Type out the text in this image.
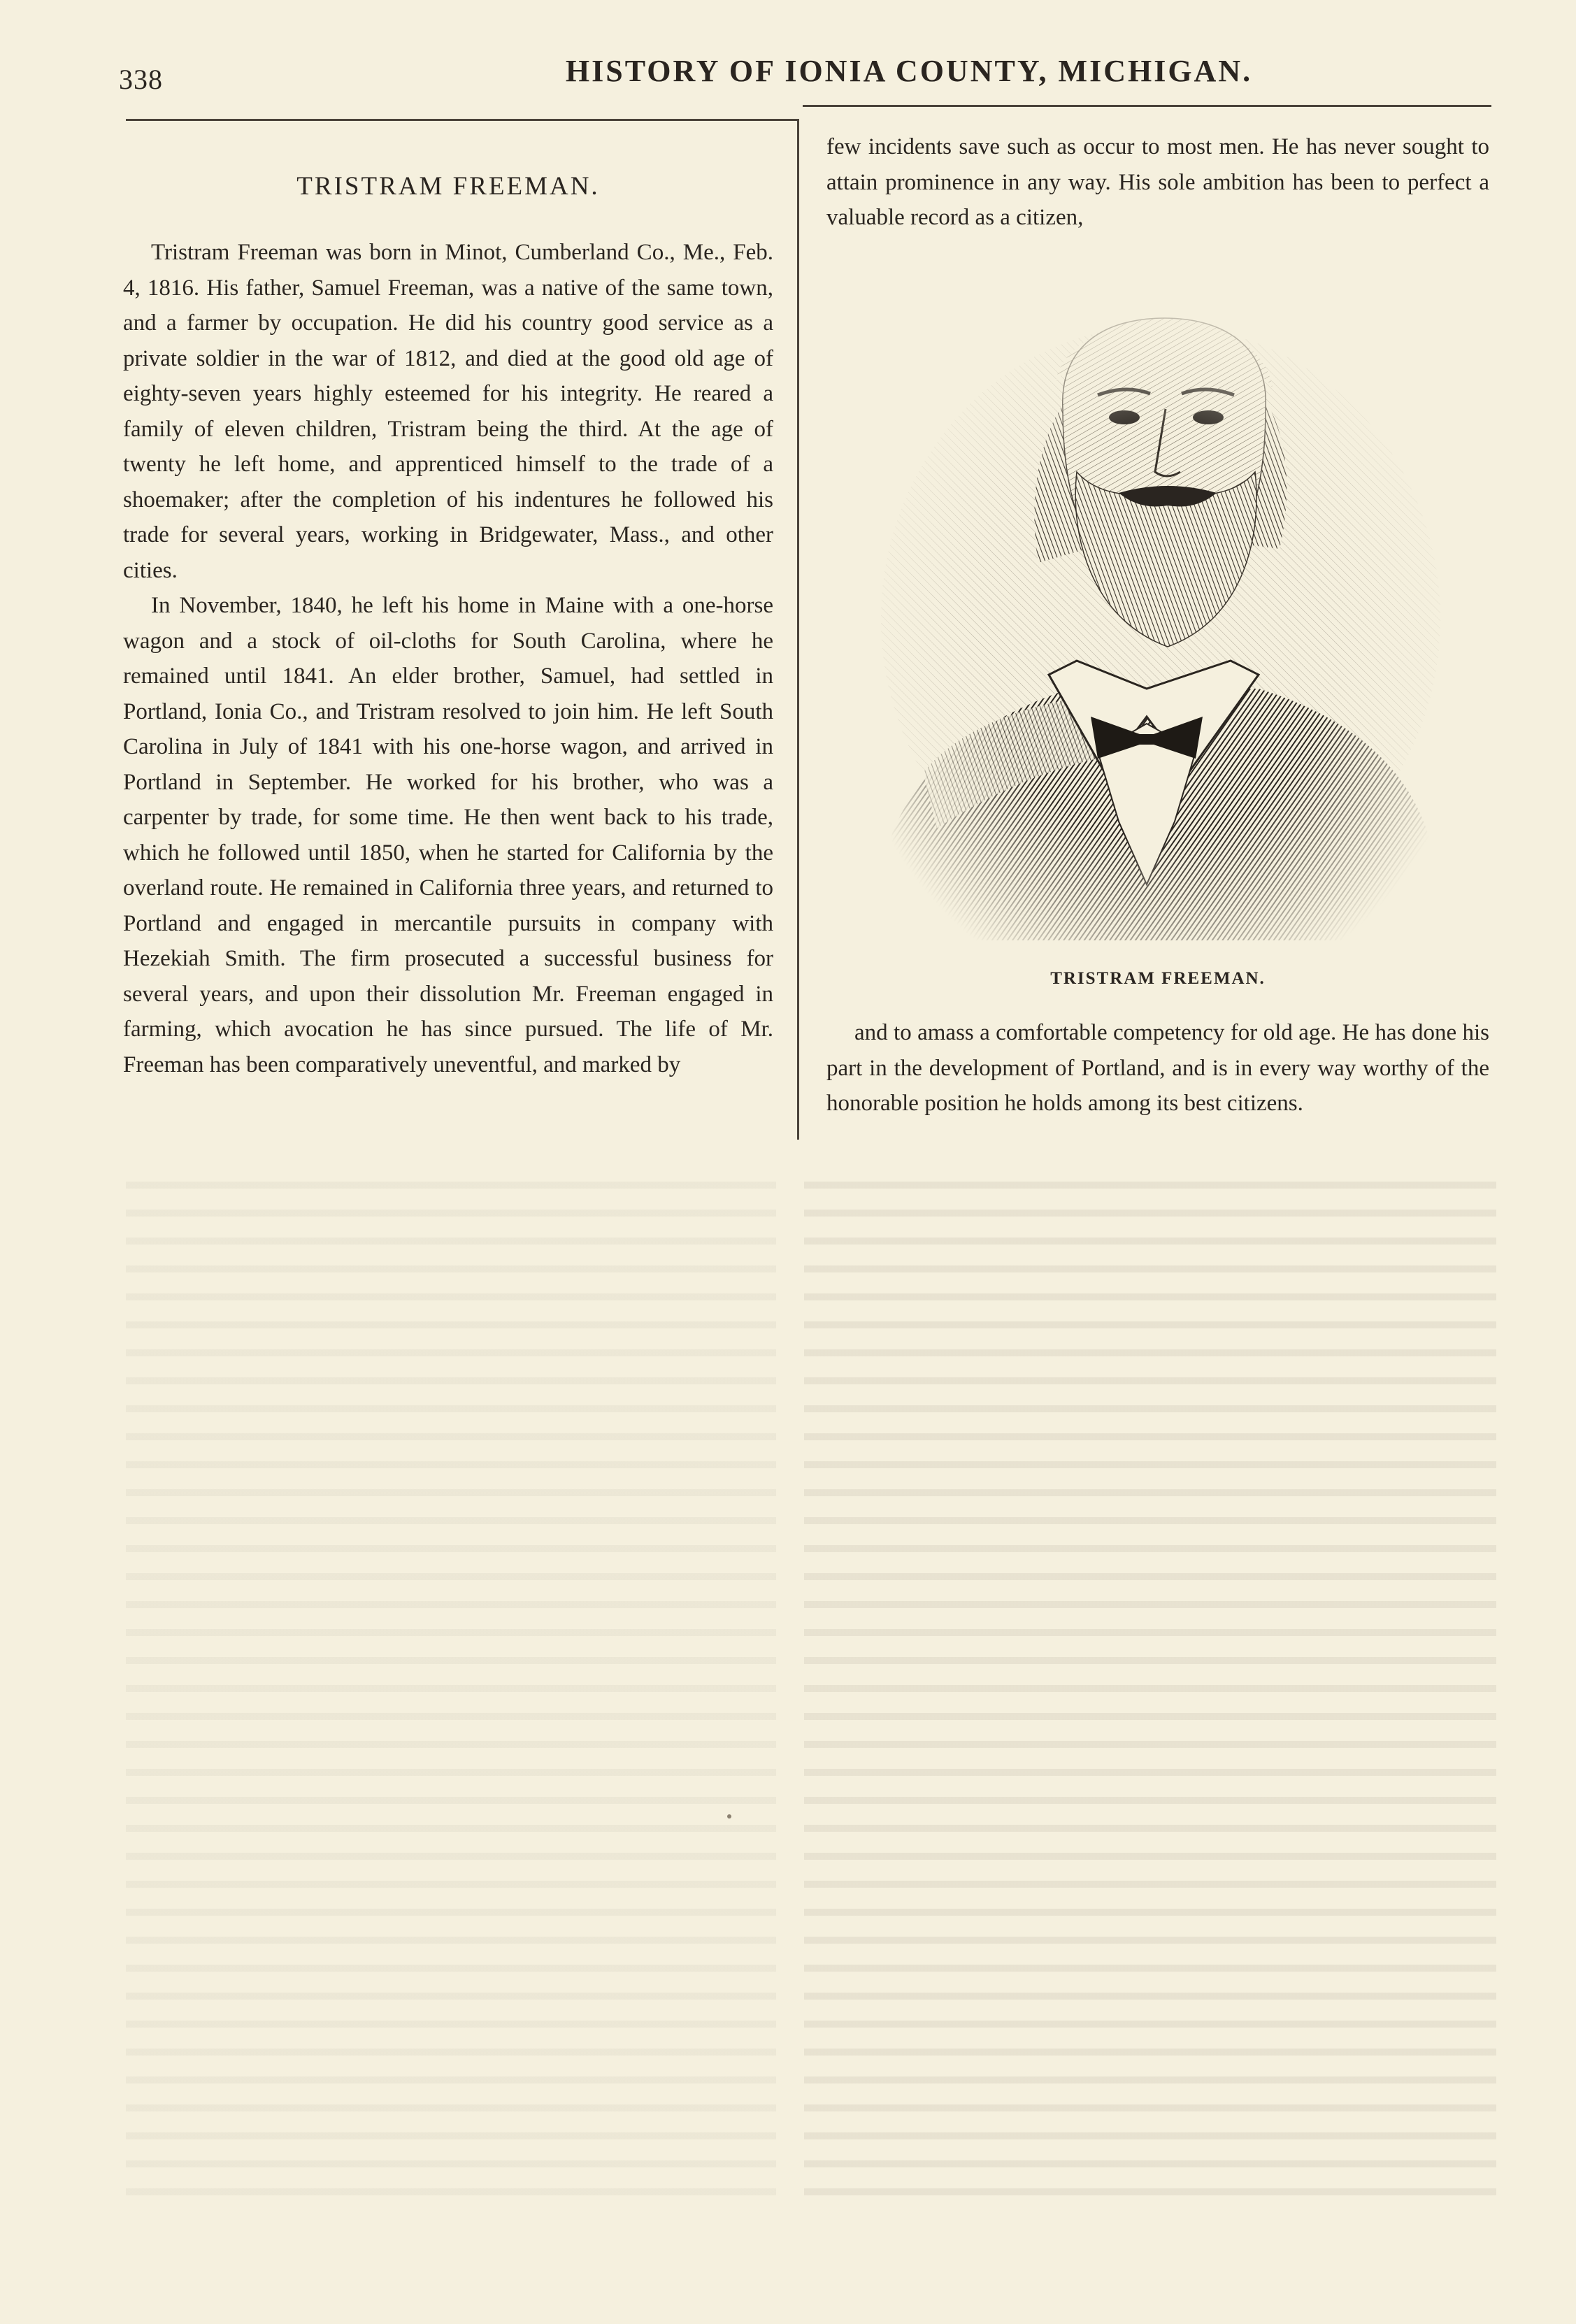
338	HISTORY OF IONIA COUNTY, MICHIGAN.
TRISTRAM FREEMAN.

Tristram Freeman was born in Minot, Cumberland Co., Me., Feb. 4, 1816. His father, Samuel Freeman, was a native of the same town, and a farmer by occupation. He did his country good service as a private soldier in the war of 1812, and died at the good old age of eighty-seven years highly esteemed for his integrity. He reared a family of eleven children, Tristram being the third. At the age of twenty he left home, and apprenticed himself to the trade of a shoemaker; after the completion of his indentures he followed his trade for several years, working in Bridgewater, Mass., and other cities.

In November, 1840, he left his home in Maine with a one-horse wagon and a stock of oil-cloths for South Carolina, where he remained until 1841. An elder brother, Samuel, had settled in Portland, Ionia Co., and Tristram resolved to join him. He left South Carolina in July of 1841 with his one-horse wagon, and arrived in Portland in September. He worked for his brother, who was a carpenter by trade, for some time. He then went back to his trade, which he followed until 1850, when he started for California by the overland route. He remained in California three years, and returned to Portland and engaged in mercantile pursuits in company with Hezekiah Smith. The firm prosecuted a successful business for several years, and upon their dissolution Mr. Freeman engaged in farming, which avocation he has since pursued. The life of Mr. Freeman has been comparatively uneventful, and marked by

few incidents save such as occur to most men. He has never sought to attain prominence in any way. His sole ambition has been to perfect a valuable record as a citizen,

TRISTRAM FREEMAN.

and to amass a comfortable competency for old age. He has done his part in the development of Portland, and is in every way worthy of the honorable position he holds among its best citizens.
